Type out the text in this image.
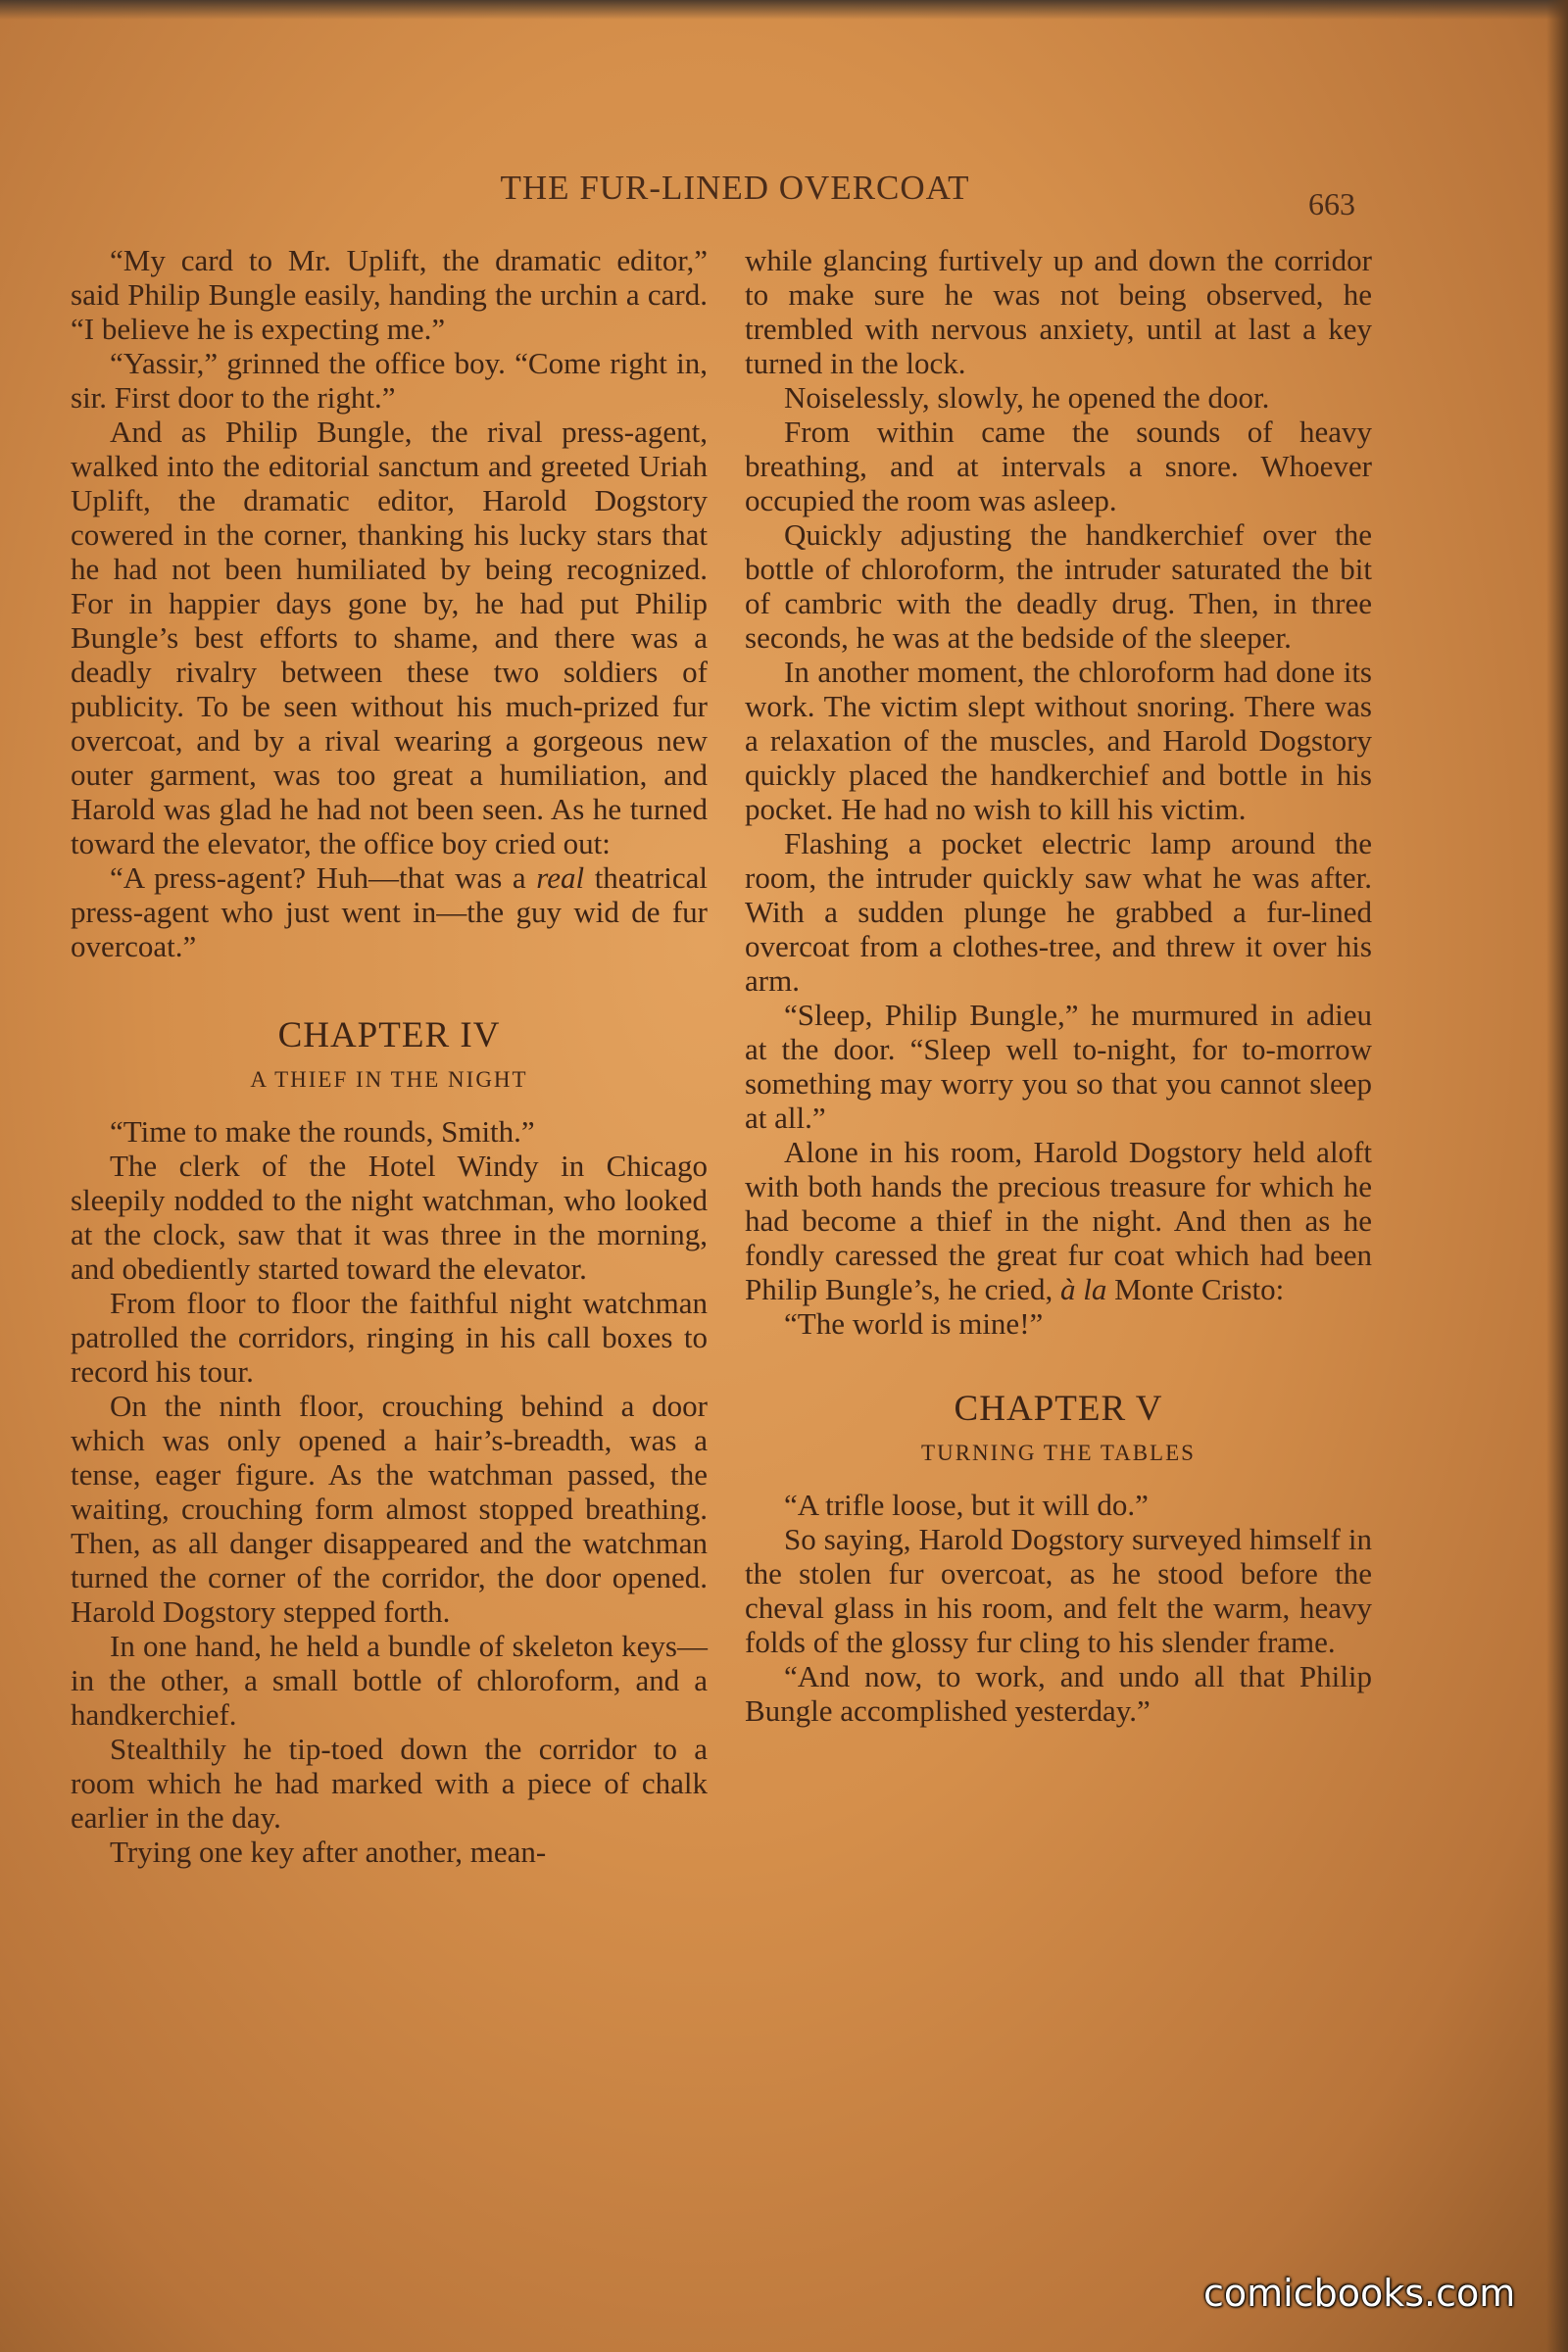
THE FUR-LINED OVERCOAT	663

“My card to Mr. Uplift, the dramatic editor,” said Philip Bungle easily, handing the urchin a card. “I believe he is expecting me.”

“Yassir,” grinned the office boy. “Come right in, sir. First door to the right.”

And as Philip Bungle, the rival press-agent, walked into the editorial sanctum and greeted Uriah Uplift, the dramatic editor, Harold Dogstory cowered in the corner, thanking his lucky stars that he had not been humiliated by being recognized. For in happier days gone by, he had put Philip Bungle’s best efforts to shame, and there was a deadly rivalry between these two soldiers of publicity. To be seen without his much-prized fur overcoat, and by a rival wearing a gorgeous new outer garment, was too great a humiliation, and Harold was glad he had not been seen. As he turned toward the elevator, the office boy cried out:

“A press-agent? Huh—that was a real theatrical press-agent who just went in—the guy wid de fur overcoat.”

CHAPTER IV
A THIEF IN THE NIGHT

“Time to make the rounds, Smith.”

The clerk of the Hotel Windy in Chicago sleepily nodded to the night watchman, who looked at the clock, saw that it was three in the morning, and obediently started toward the elevator.

From floor to floor the faithful night watchman patrolled the corridors, ringing in his call boxes to record his tour.

On the ninth floor, crouching behind a door which was only opened a hair’s-breadth, was a tense, eager figure. As the watchman passed, the waiting, crouching form almost stopped breathing. Then, as all danger disappeared and the watchman turned the corner of the corridor, the door opened. Harold Dogstory stepped forth.

In one hand, he held a bundle of skeleton keys—in the other, a small bottle of chloroform, and a handkerchief.

Stealthily he tip-toed down the corridor to a room which he had marked with a piece of chalk earlier in the day.

Trying one key after another, mean-

while glancing furtively up and down the corridor to make sure he was not being observed, he trembled with nervous anxiety, until at last a key turned in the lock.

Noiselessly, slowly, he opened the door.

From within came the sounds of heavy breathing, and at intervals a snore. Whoever occupied the room was asleep.

Quickly adjusting the handkerchief over the bottle of chloroform, the intruder saturated the bit of cambric with the deadly drug. Then, in three seconds, he was at the bedside of the sleeper.

In another moment, the chloroform had done its work. The victim slept without snoring. There was a relaxation of the muscles, and Harold Dogstory quickly placed the handkerchief and bottle in his pocket. He had no wish to kill his victim.

Flashing a pocket electric lamp around the room, the intruder quickly saw what he was after. With a sudden plunge he grabbed a fur-lined overcoat from a clothes-tree, and threw it over his arm.

“Sleep, Philip Bungle,” he murmured in adieu at the door. “Sleep well to-night, for to-morrow something may worry you so that you cannot sleep at all.”

Alone in his room, Harold Dogstory held aloft with both hands the precious treasure for which he had become a thief in the night. And then as he fondly caressed the great fur coat which had been Philip Bungle’s, he cried, à la Monte Cristo:

“The world is mine!”

CHAPTER V
TURNING THE TABLES

“A trifle loose, but it will do.”

So saying, Harold Dogstory surveyed himself in the stolen fur overcoat, as he stood before the cheval glass in his room, and felt the warm, heavy folds of the glossy fur cling to his slender frame.

“And now, to work, and undo all that Philip Bungle accomplished yesterday.”

comicbooks.com
